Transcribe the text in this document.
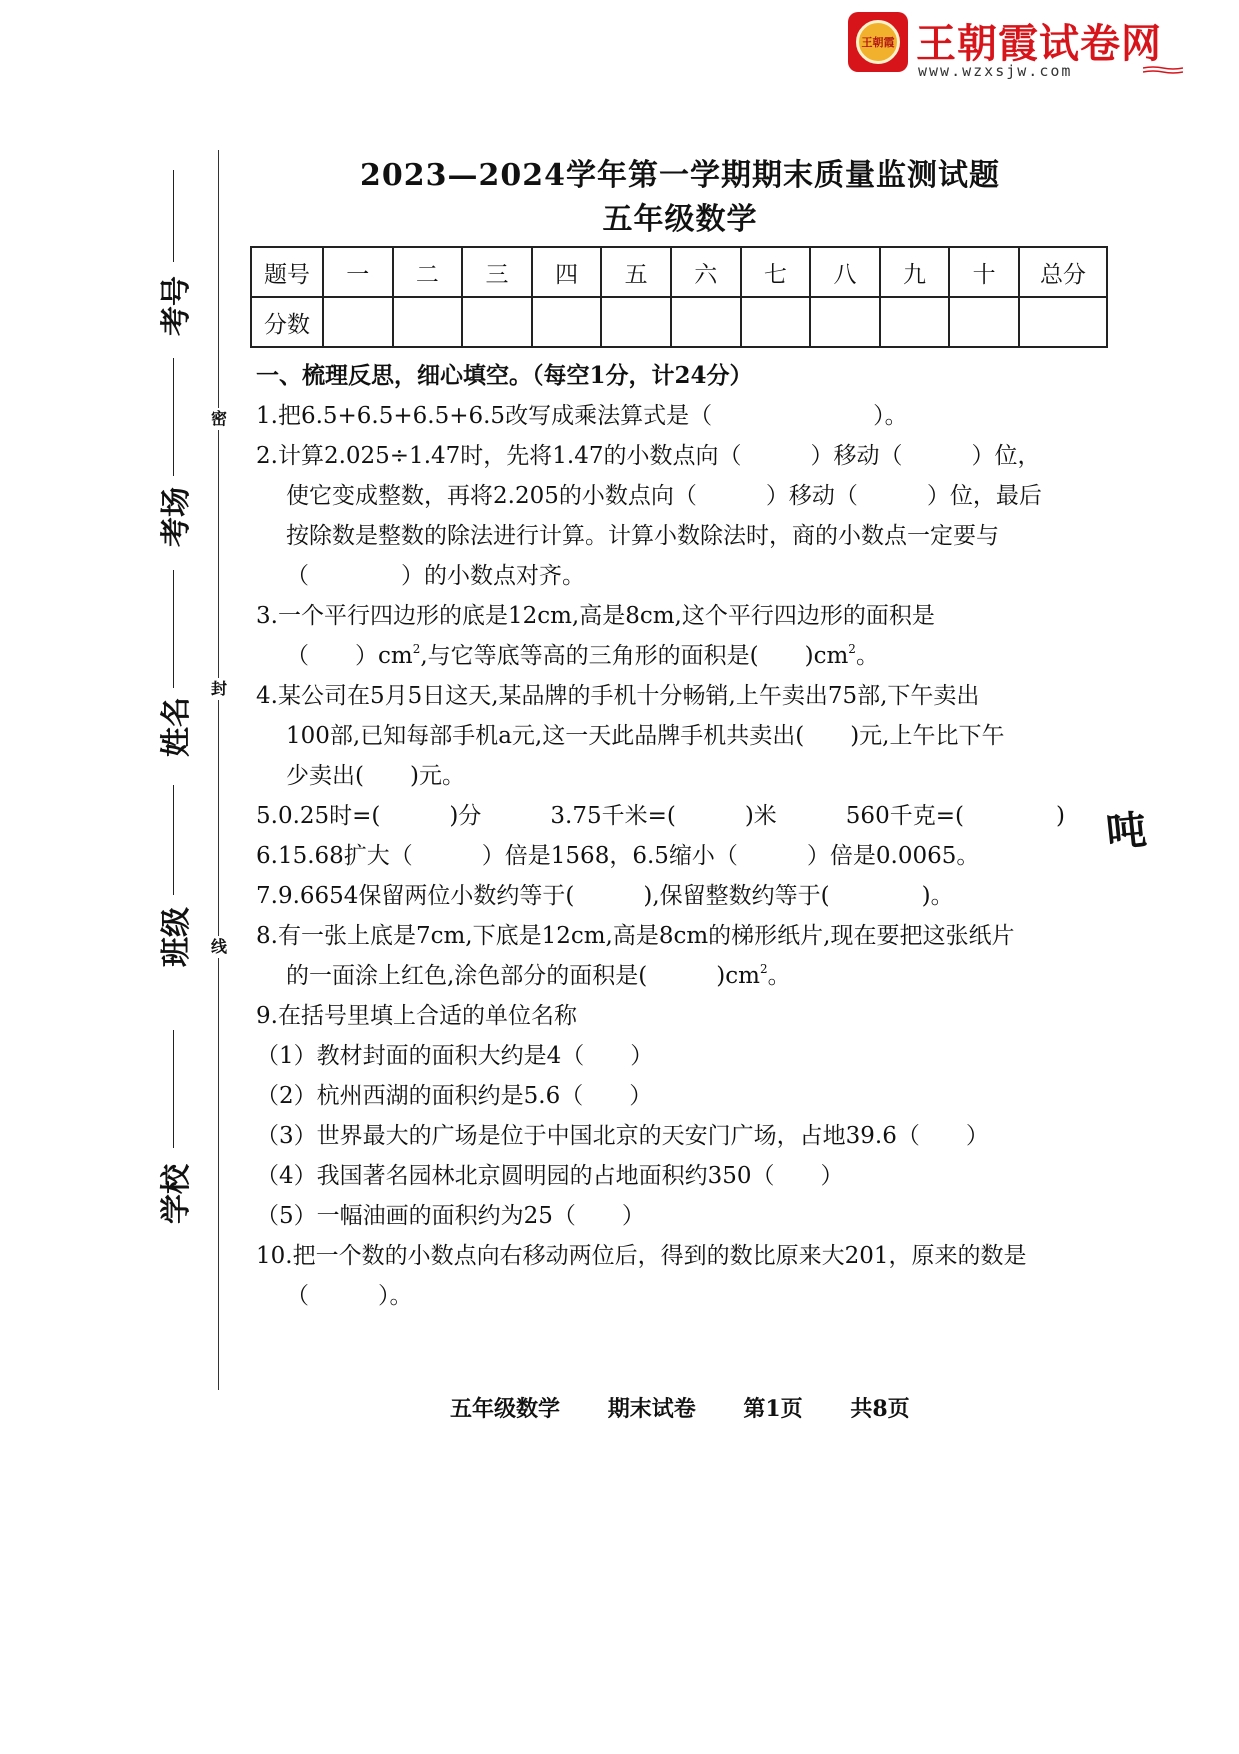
王朝霞 王朝霞试卷网
www.wzxsjw.com
密
封
线
考号
考场
姓名
班级
学校
2023—2024学年第一学期期末质量监测试题
五年级数学
题号	一	二	三	四	五	六	七	八	九	十	总分
分数											
一、梳理反思，细心填空。（每空1分，计24分）
1.把6.5+6.5+6.5+6.5改写成乘法算式是（　　　　　　　）。
2.计算2.025÷1.47时，先将1.47的小数点向（　　　）移动（　　　）位，
使它变成整数，再将2.205的小数点向（　　　）移动（　　　）位，最后
按除数是整数的除法进行计算。计算小数除法时，商的小数点一定要与
（　　　　）的小数点对齐。
3.一个平行四边形的底是12cm,高是8cm,这个平行四边形的面积是
（　　）$cm^2$,与它等底等高的三角形的面积是(　　)$cm^2$。
4.某公司在5月5日这天,某品牌的手机十分畅销,上午卖出75部,下午卖出
100部,已知每部手机a元,这一天此品牌手机共卖出(　　)元,上午比下午
少卖出(　　)元。
5.0.25时=(　　　)分　　　3.75千米=(　　　)米　　　560千克=(　　　　)
6.15.68扩大（　　　）倍是1568，6.5缩小（　　　）倍是0.0065。
7.9.6654保留两位小数约等于(　　　),保留整数约等于(　　　　)。
8.有一张上底是7cm,下底是12cm,高是8cm的梯形纸片,现在要把这张纸片
的一面涂上红色,涂色部分的面积是(　　　)$cm^2$。
9.在括号里填上合适的单位名称
（1）教材封面的面积大约是4（　　）
（2）杭州西湖的面积约是5.6（　　）
（3）世界最大的广场是位于中国北京的天安门广场，占地39.6（　　）
（4）我国著名园林北京圆明园的占地面积约350（　　）
（5）一幅油画的面积约为25（　　）
10.把一个数的小数点向右移动两位后，得到的数比原来大201，原来的数是
（　　　）。
吨
五年级数学 期末试卷 第1页 共8页
